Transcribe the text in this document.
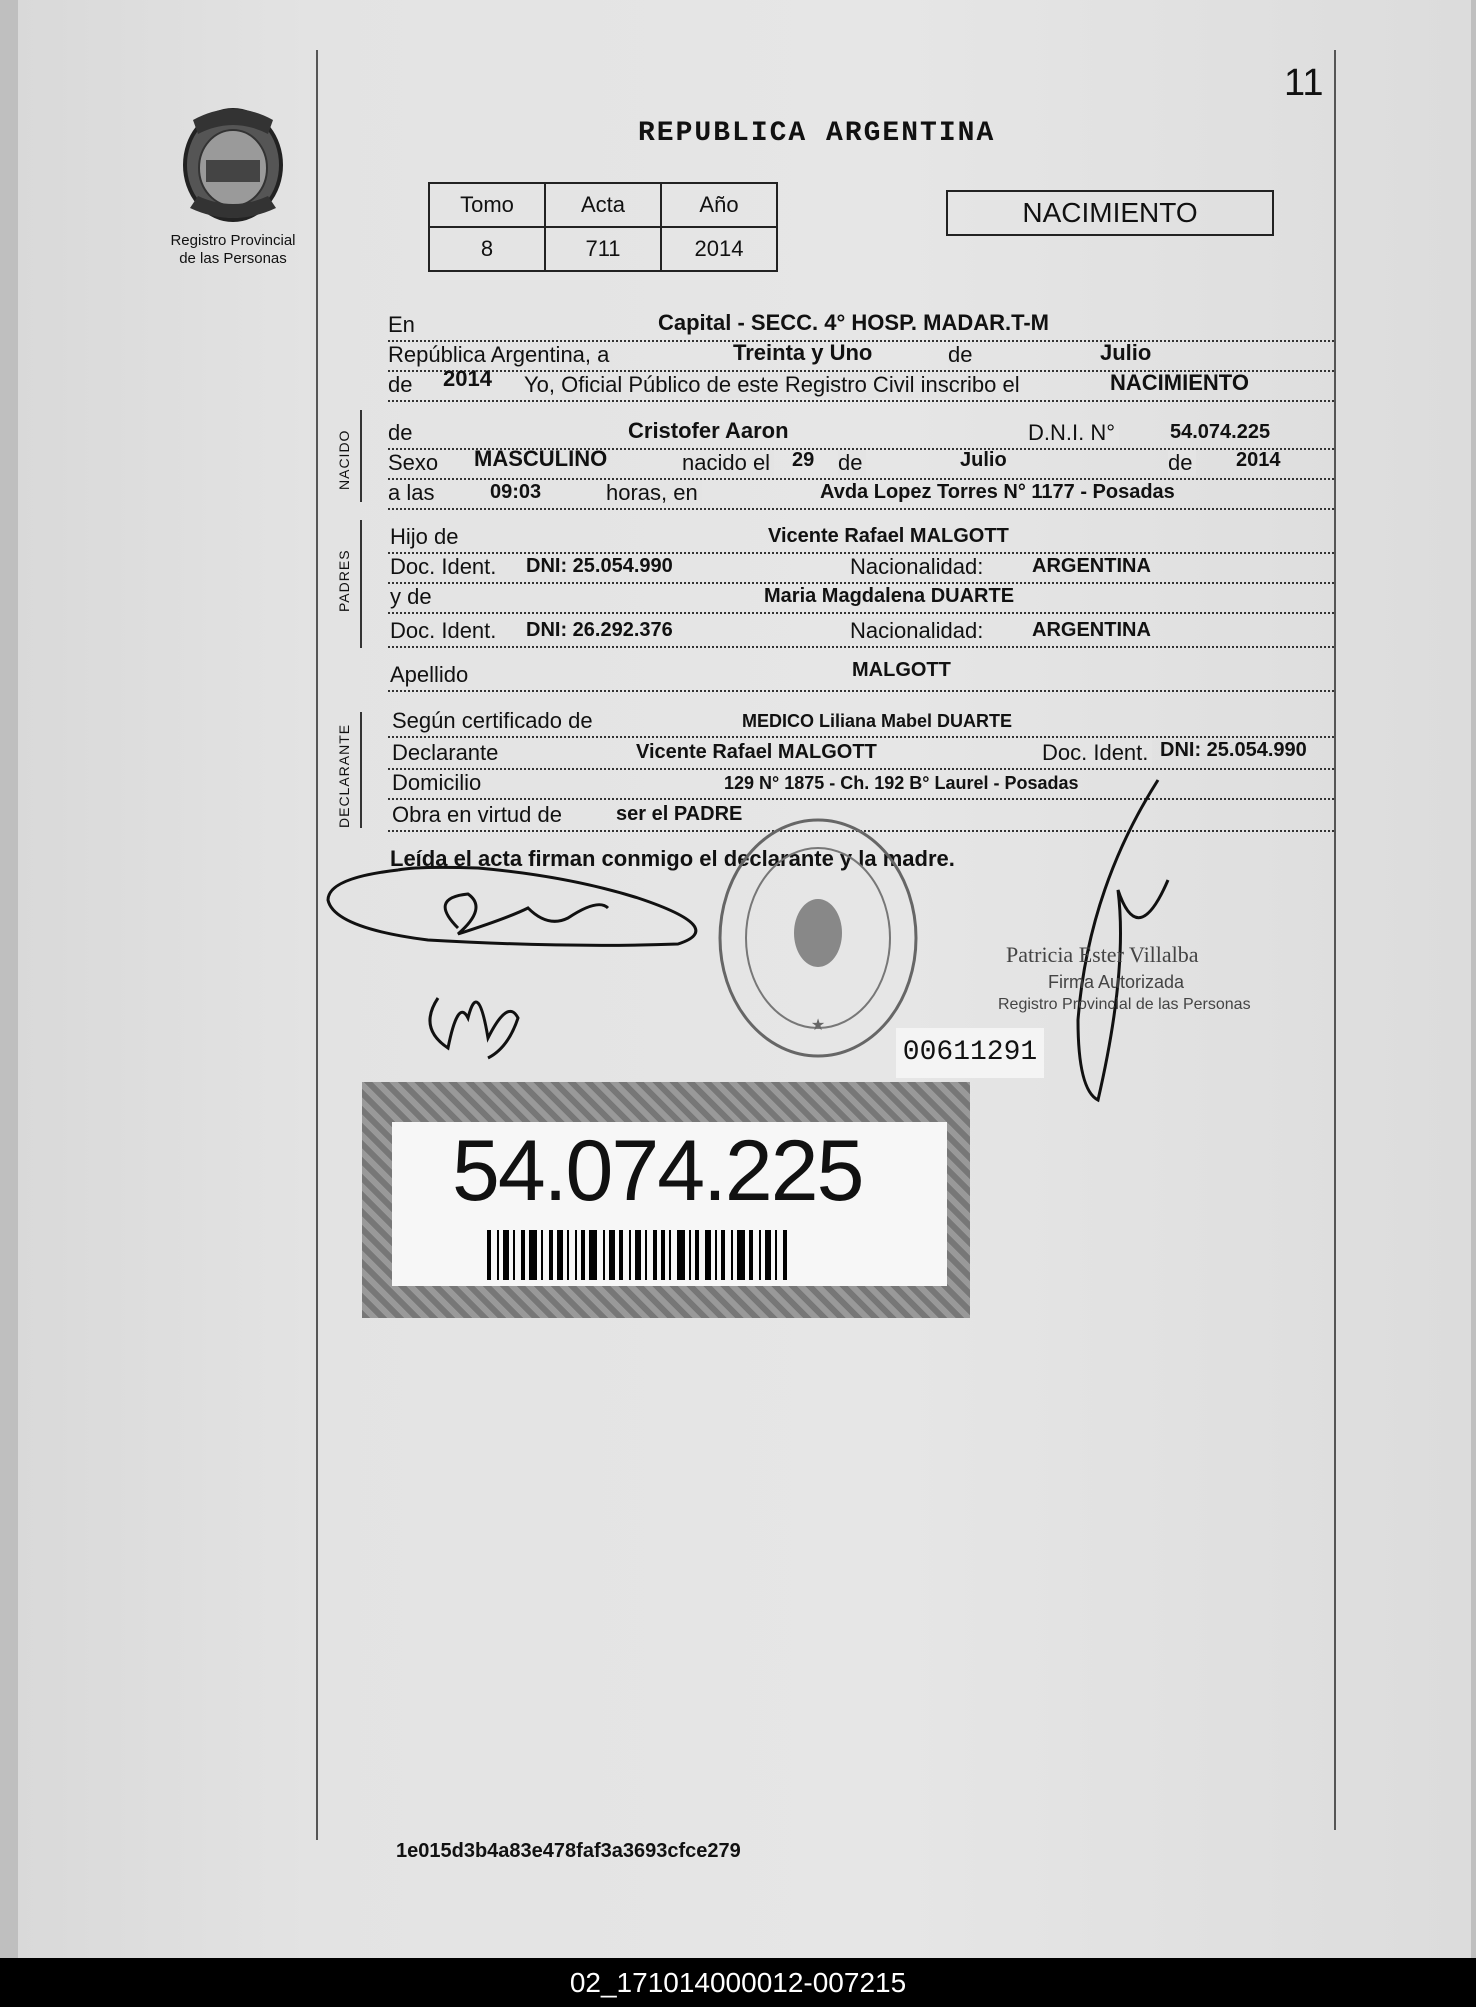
11
Registro Provincial
de las Personas
REPUBLICA ARGENTINA
Tomo	Acta	Año
8	711	2014
NACIMIENTO
En	Capital - SECC. 4° HOSP. MADAR.T-M
República Argentina, a	Treinta y Uno	de	Julio
de 2014 Yo, Oficial Público de este Registro Civil inscribo el	NACIMIENTO
NACIDO de	Cristofer Aaron	D.N.I. N°	54.074.225
Sexo MASCULINO	nacido el 29 de	Julio	de 2014
a las	09:03	horas, en	Avda Lopez Torres N° 1177 - Posadas
PADRES
Hijo de	Vicente Rafael MALGOTT
Doc. Ident. DNI: 25.054.990	Nacionalidad: ARGENTINA
y de	Maria Magdalena DUARTE
Doc. Ident. DNI: 26.292.376	Nacionalidad: ARGENTINA
Apellido	MALGOTT
DECLARANTE
Según certificado de	MEDICO Liliana Mabel DUARTE
Declarante	Vicente Rafael MALGOTT	Doc. Ident. DNI: 25.054.990
Domicilio	129 N° 1875 - Ch. 192 B° Laurel - Posadas
Obra en virtud de	ser el PADRE
Leída el acta firman conmigo el declarante y la madre.
★
00611291
Patricia Ester Villalba
Firma Autorizada
Registro Provincial de las Personas
54.074.225
1e015d3b4a83e478faf3a3693cfce279
02_171014000012-007215
